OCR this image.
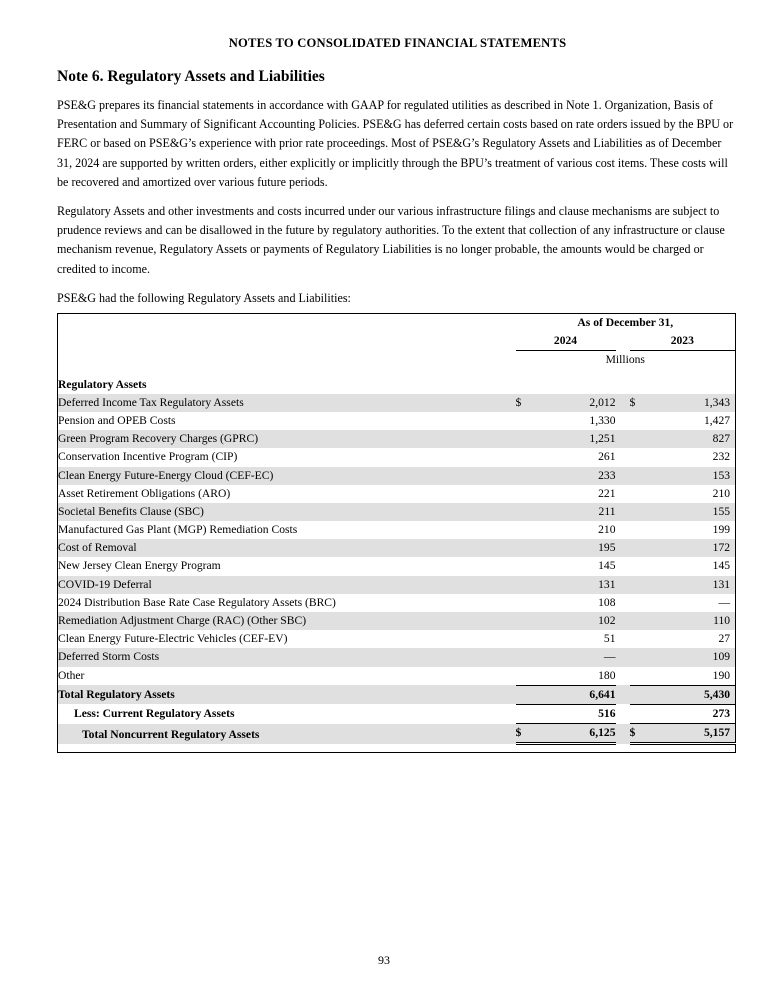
NOTES TO CONSOLIDATED FINANCIAL STATEMENTS
Note 6. Regulatory Assets and Liabilities

PSE&G prepares its financial statements in accordance with GAAP for regulated utilities as described in Note 1. Organization, Basis of Presentation and Summary of Significant Accounting Policies. PSE&G has deferred certain costs based on rate orders issued by the BPU or FERC or based on PSE&G’s experience with prior rate proceedings. Most of PSE&G’s Regulatory Assets and Liabilities as of December 31, 2024 are supported by written orders, either explicitly or implicitly through the BPU’s treatment of various cost items. These costs will be recovered and amortized over various future periods.

Regulatory Assets and other investments and costs incurred under our various infrastructure filings and clause mechanisms are subject to prudence reviews and can be disallowed in the future by regulatory authorities. To the extent that collection of any infrastructure or clause mechanism revenue, Regulatory Assets or payments of Regulatory Liabilities is no longer probable, the amounts would be charged or credited to income.

PSE&G had the following Regulatory Assets and Liabilities:

	As of December 31,				
	2024			2023	
	Millions				

Regulatory Assets					
Deferred Income Tax Regulatory Assets	$	2,012		$	1,343
Pension and OPEB Costs		1,330			1,427
Green Program Recovery Charges (GPRC)		1,251			827
Conservation Incentive Program (CIP)		261			232
Clean Energy Future-Energy Cloud (CEF-EC)		233			153
Asset Retirement Obligations (ARO)		221			210
Societal Benefits Clause (SBC)		211			155
Manufactured Gas Plant (MGP) Remediation Costs		210			199
Cost of Removal		195			172
New Jersey Clean Energy Program		145			145
COVID-19 Deferral		131			131
2024 Distribution Base Rate Case Regulatory Assets (BRC)		108			—
Remediation Adjustment Charge (RAC) (Other SBC)		102			110
Clean Energy Future-Electric Vehicles (CEF-EV)		51			27
Deferred Storm Costs		—			109
Other		180			190
Total Regulatory Assets		6,641			5,430
Less: Current Regulatory Assets		516			273
Total Noncurrent Regulatory Assets	$	6,125		$	5,157

93
